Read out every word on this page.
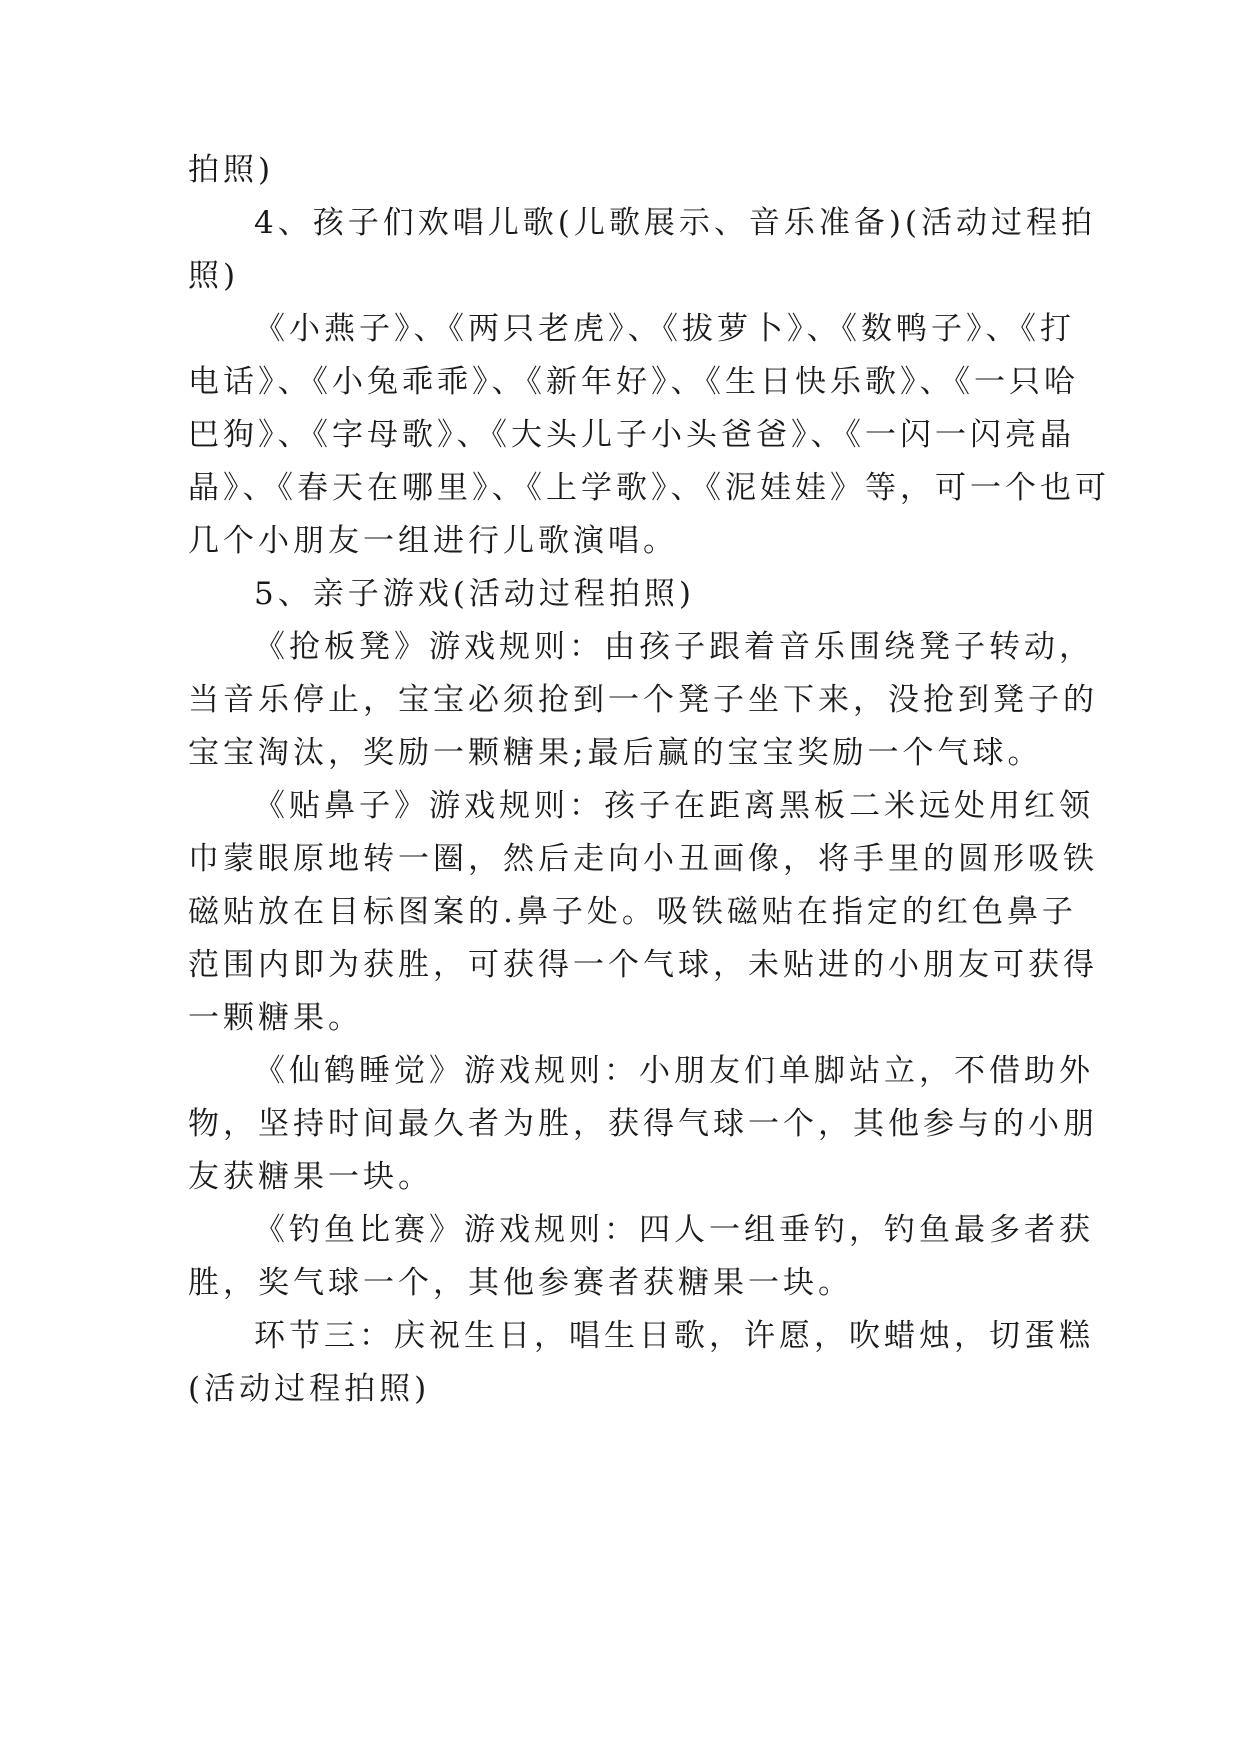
拍照)
4、孩子们欢唱儿歌(儿歌展示、音乐准备)(活动过程拍
照)
《小燕子》、《两只老虎》、《拔萝卜》、《数鸭子》、《打
电话》、《小兔乖乖》、《新年好》、《生日快乐歌》、《一只哈
巴狗》、《字母歌》、《大头儿子小头爸爸》、《一闪一闪亮晶
晶》、《春天在哪里》、《上学歌》、《泥娃娃》等，可一个也可
几个小朋友一组进行儿歌演唱。
5、亲子游戏(活动过程拍照)
《抢板凳》游戏规则：由孩子跟着音乐围绕凳子转动，
当音乐停止，宝宝必须抢到一个凳子坐下来，没抢到凳子的
宝宝淘汰，奖励一颗糖果;最后赢的宝宝奖励一个气球。
《贴鼻子》游戏规则：孩子在距离黑板二米远处用红领
巾蒙眼原地转一圈，然后走向小丑画像，将手里的圆形吸铁
磁贴放在目标图案的.鼻子处。吸铁磁贴在指定的红色鼻子
范围内即为获胜，可获得一个气球，未贴进的小朋友可获得
一颗糖果。
《仙鹤睡觉》游戏规则：小朋友们单脚站立，不借助外
物，坚持时间最久者为胜，获得气球一个，其他参与的小朋
友获糖果一块。
《钓鱼比赛》游戏规则：四人一组垂钓，钓鱼最多者获
胜，奖气球一个，其他参赛者获糖果一块。
环节三：庆祝生日，唱生日歌，许愿，吹蜡烛，切蛋糕
(活动过程拍照)
